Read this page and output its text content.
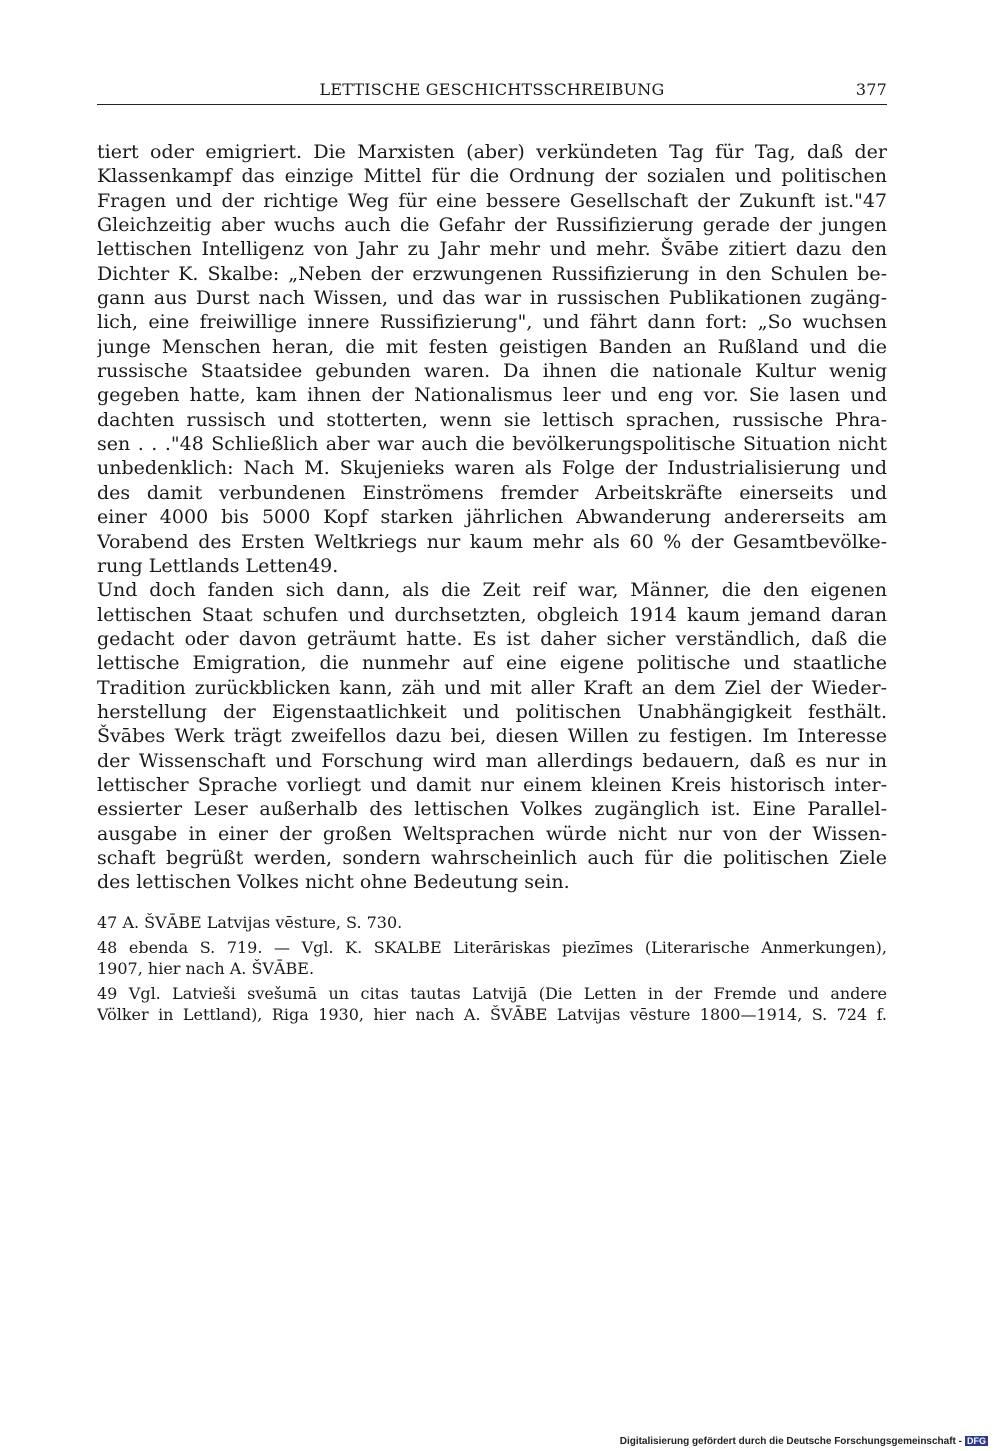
LETTISCHE GESCHICHTSSCHREIBUNG	377
tiert oder emigriert. Die Marxisten (aber) verkündeten Tag für Tag, daß der
Klassenkampf das einzige Mittel für die Ordnung der sozialen und politischen
Fragen und der richtige Weg für eine bessere Gesellschaft der Zukunft ist."47
Gleichzeitig aber wuchs auch die Gefahr der Russifizierung gerade der jungen
lettischen Intelligenz von Jahr zu Jahr mehr und mehr. Švābe zitiert dazu den
Dichter K. Skalbe: „Neben der erzwungenen Russifizierung in den Schulen be-
gann aus Durst nach Wissen, und das war in russischen Publikationen zugäng-
lich, eine freiwillige innere Russifizierung", und fährt dann fort: „So wuchsen
junge Menschen heran, die mit festen geistigen Banden an Rußland und die
russische Staatsidee gebunden waren. Da ihnen die nationale Kultur wenig
gegeben hatte, kam ihnen der Nationalismus leer und eng vor. Sie lasen und
dachten russisch und stotterten, wenn sie lettisch sprachen, russische Phra-
sen . . ."48 Schließlich aber war auch die bevölkerungspolitische Situation nicht
unbedenklich: Nach M. Skujenieks waren als Folge der Industrialisierung und
des damit verbundenen Einströmens fremder Arbeitskräfte einerseits und
einer 4000 bis 5000 Kopf starken jährlichen Abwanderung andererseits am
Vorabend des Ersten Weltkriegs nur kaum mehr als 60 % der Gesamtbevölke-
rung Lettlands Letten49.
Und doch fanden sich dann, als die Zeit reif war, Männer, die den eigenen
lettischen Staat schufen und durchsetzten, obgleich 1914 kaum jemand daran
gedacht oder davon geträumt hatte. Es ist daher sicher verständlich, daß die
lettische Emigration, die nunmehr auf eine eigene politische und staatliche
Tradition zurückblicken kann, zäh und mit aller Kraft an dem Ziel der Wieder-
herstellung der Eigenstaatlichkeit und politischen Unabhängigkeit festhält.
Švābes Werk trägt zweifellos dazu bei, diesen Willen zu festigen. Im Interesse
der Wissenschaft und Forschung wird man allerdings bedauern, daß es nur in
lettischer Sprache vorliegt und damit nur einem kleinen Kreis historisch inter-
essierter Leser außerhalb des lettischen Volkes zugänglich ist. Eine Parallel-
ausgabe in einer der großen Weltsprachen würde nicht nur von der Wissen-
schaft begrüßt werden, sondern wahrscheinlich auch für die politischen Ziele
des lettischen Volkes nicht ohne Bedeutung sein.
47 A. ŠVĀBE Latvijas vēsture, S. 730.
48 ebenda S. 719. — Vgl. K. SKALBE Literāriskas piezīmes (Literarische Anmerkungen),
1907, hier nach A. ŠVĀBE.
49 Vgl. Latvieši svešumā un citas tautas Latvijā (Die Letten in der Fremde und andere
Völker in Lettland), Riga 1930, hier nach A. ŠVĀBE Latvijas vēsture 1800—1914, S. 724 f.
Digitalisierung gefördert durch die Deutsche Forschungsgemeinschaft - DFG
